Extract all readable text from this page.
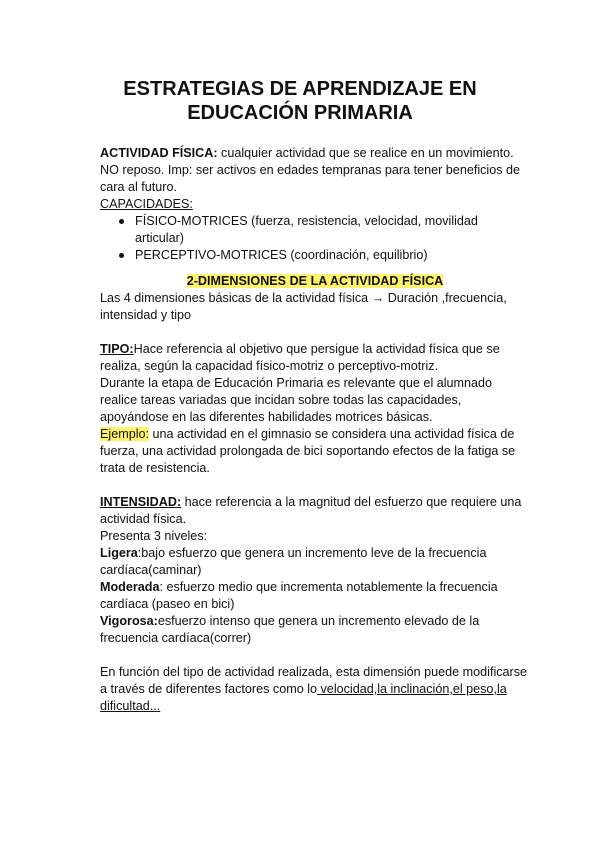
ESTRATEGIAS DE APRENDIZAJE EN
EDUCACIÓN PRIMARIA

ACTIVIDAD FÍSICA: cualquier actividad que se realice en un movimiento. NO reposo. Imp: ser activos en edades tempranas para tener beneficios de cara al futuro.

CAPACIDADES:

FÍSICO-MOTRICES (fuerza, resistencia, velocidad, movilidad articular)
PERCEPTIVO-MOTRICES (coordinación, equilibrio)

2-DIMENSIONES DE LA ACTIVIDAD FÍSICA

Las 4 dimensiones básicas de la actividad física → Duración ,frecuencia, intensidad y tipo

TIPO:Hace referencia al objetivo que persigue la actividad física que se realiza, según la capacidad físico-motriz o perceptivo-motriz.

Durante la etapa de Educación Primaria es relevante que el alumnado realice tareas variadas que incidan sobre todas las capacidades, apoyándose en las diferentes habilidades motrices básicas.

Ejemplo: una actividad en el gimnasio se considera una actividad física de fuerza, una actividad prolongada de bici soportando efectos de la fatiga se trata de resistencia.

INTENSIDAD: hace referencia a la magnitud del esfuerzo que requiere una actividad física.

Presenta 3 niveles:

Ligera:bajo esfuerzo que genera un incremento leve de la frecuencia cardíaca(caminar)

Moderada: esfuerzo medio que incrementa notablemente la frecuencia cardíaca (paseo en bici)

Vigorosa:esfuerzo intenso que genera un incremento elevado de la frecuencia cardíaca(correr)

En función del tipo de actividad realizada, esta dimensión puede modificarse a través de diferentes factores como lo velocidad,la inclinación,el peso,la dificultad...
